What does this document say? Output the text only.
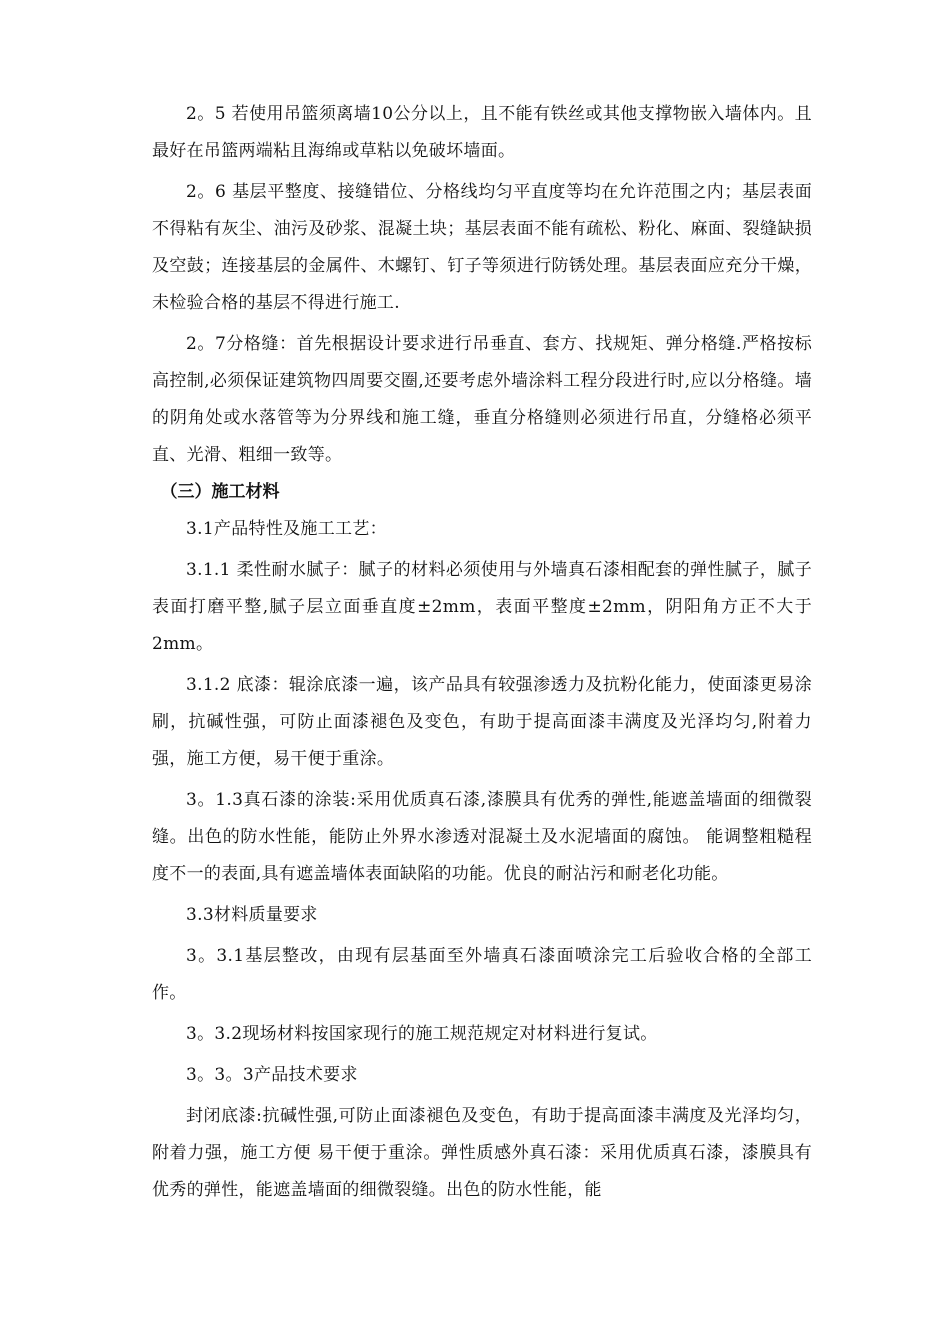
2。5 若使用吊篮须离墙10公分以上，且不能有铁丝或其他支撑物嵌入墙体内。且最好在吊篮两端粘且海绵或草粘以免破坏墙面。

2。6 基层平整度、接缝错位、分格线均匀平直度等均在允许范围之内；基层表面不得粘有灰尘、油污及砂浆、混凝土块；基层表面不能有疏松、粉化、麻面、裂缝缺损及空鼓；连接基层的金属件、木螺钉、钉子等须进行防锈处理。基层表面应充分干燥，未检验合格的基层不得进行施工.

2。7分格缝：首先根据设计要求进行吊垂直、套方、找规矩、弹分格缝.严格按标高控制,必须保证建筑物四周要交圈,还要考虑外墙涂料工程分段进行时,应以分格缝。墙的阴角处或水落管等为分界线和施工缝，垂直分格缝则必须进行吊直，分缝格必须平直、光滑、粗细一致等。

（三）施工材料

3.1产品特性及施工工艺：

3.1.1 柔性耐水腻子：腻子的材料必须使用与外墙真石漆相配套的弹性腻子，腻子表面打磨平整,腻子层立面垂直度±2mm，表面平整度±2mm，阴阳角方正不大于2mm。

3.1.2 底漆：辊涂底漆一遍，该产品具有较强渗透力及抗粉化能力，使面漆更易涂刷，抗碱性强，可防止面漆褪色及变色，有助于提高面漆丰满度及光泽均匀,附着力强，施工方便，易干便于重涂。

3。1.3真石漆的涂装:采用优质真石漆,漆膜具有优秀的弹性,能遮盖墙面的细微裂缝。出色的防水性能，能防止外界水渗透对混凝土及水泥墙面的腐蚀。 能调整粗糙程度不一的表面,具有遮盖墙体表面缺陷的功能。优良的耐沾污和耐老化功能。

3.3材料质量要求

3。3.1基层整改，由现有层基面至外墙真石漆面喷涂完工后验收合格的全部工作。

3。3.2现场材料按国家现行的施工规范规定对材料进行复试。

3。3。3产品技术要求

封闭底漆:抗碱性强,可防止面漆褪色及变色，有助于提高面漆丰满度及光泽均匀，附着力强，施工方便 易干便于重涂。弹性质感外真石漆：采用优质真石漆，漆膜具有优秀的弹性，能遮盖墙面的细微裂缝。出色的防水性能，能
